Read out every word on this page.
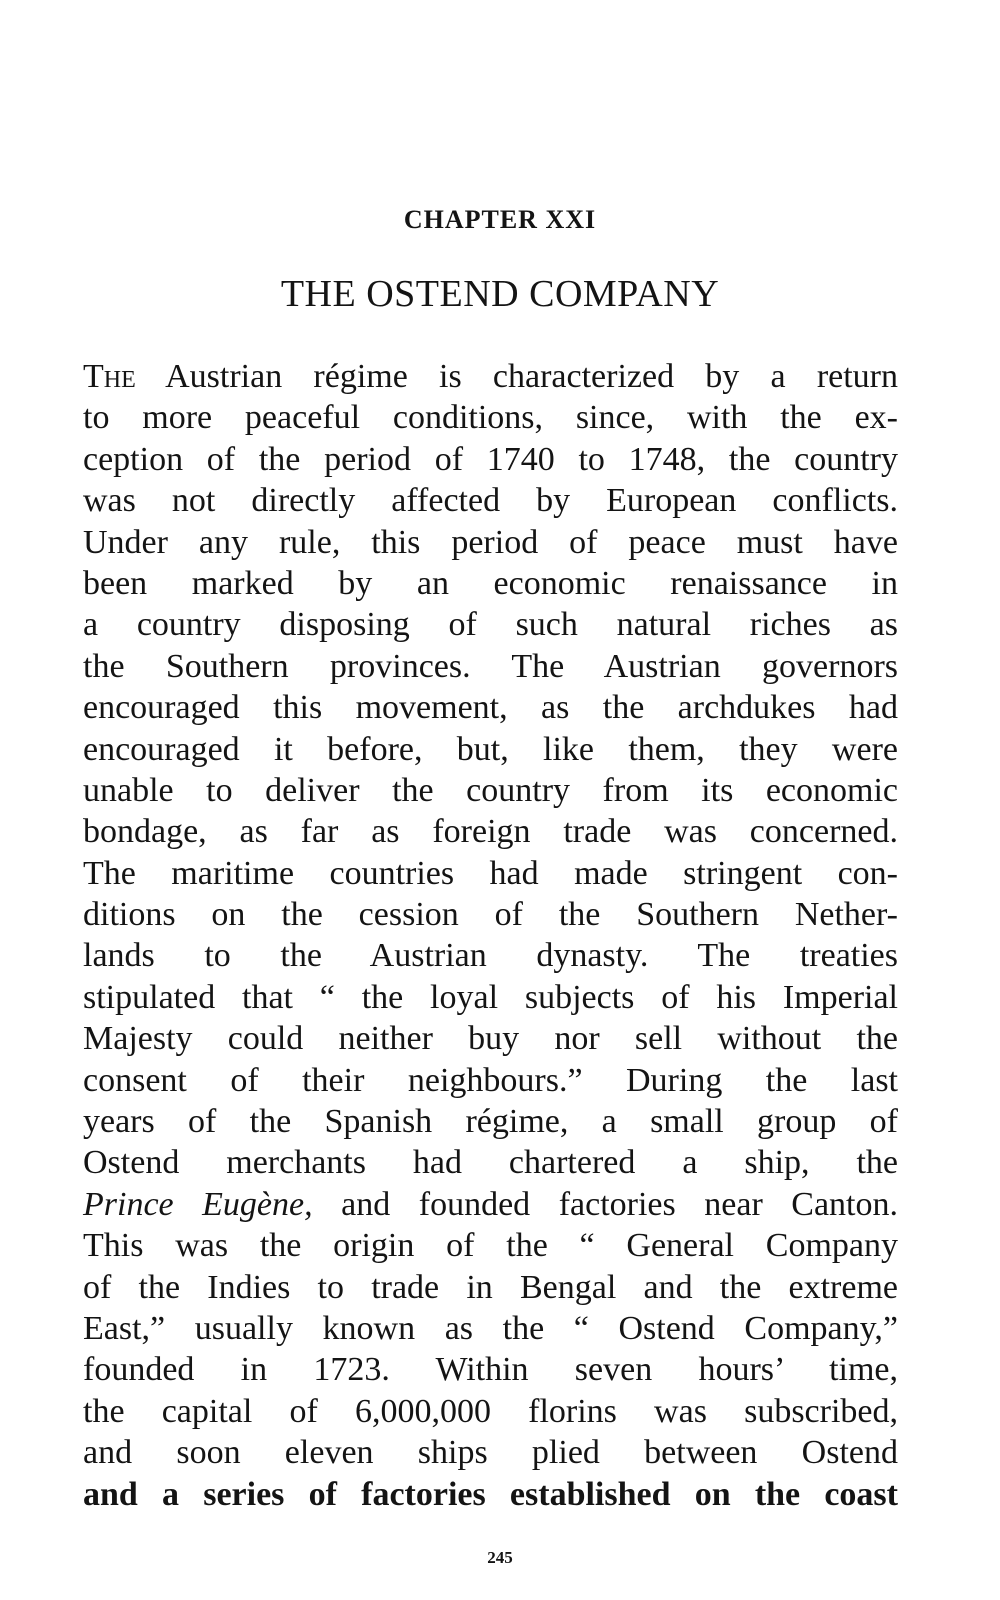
CHAPTER XXI
THE OSTEND COMPANY
The Austrian régime is characterized by a return
to more peaceful conditions, since, with the ex-
ception of the period of 1740 to 1748, the country
was not directly affected by European conflicts.
Under any rule, this period of peace must have
been marked by an economic renaissance in
a country disposing of such natural riches as
the Southern provinces. The Austrian governors
encouraged this movement, as the archdukes had
encouraged it before, but, like them, they were
unable to deliver the country from its economic
bondage, as far as foreign trade was concerned.
The maritime countries had made stringent con-
ditions on the cession of the Southern Nether-
lands to the Austrian dynasty. The treaties
stipulated that “ the loyal subjects of his Imperial
Majesty could neither buy nor sell without the
consent of their neighbours.” During the last
years of the Spanish régime, a small group of
Ostend merchants had chartered a ship, the
Prince Eugène, and founded factories near Canton.
This was the origin of the “ General Company
of the Indies to trade in Bengal and the extreme
East,” usually known as the “ Ostend Company,”
founded in 1723. Within seven hours’ time,
the capital of 6,000,000 florins was subscribed,
and soon eleven ships plied between Ostend
and a series of factories established on the coast
245
